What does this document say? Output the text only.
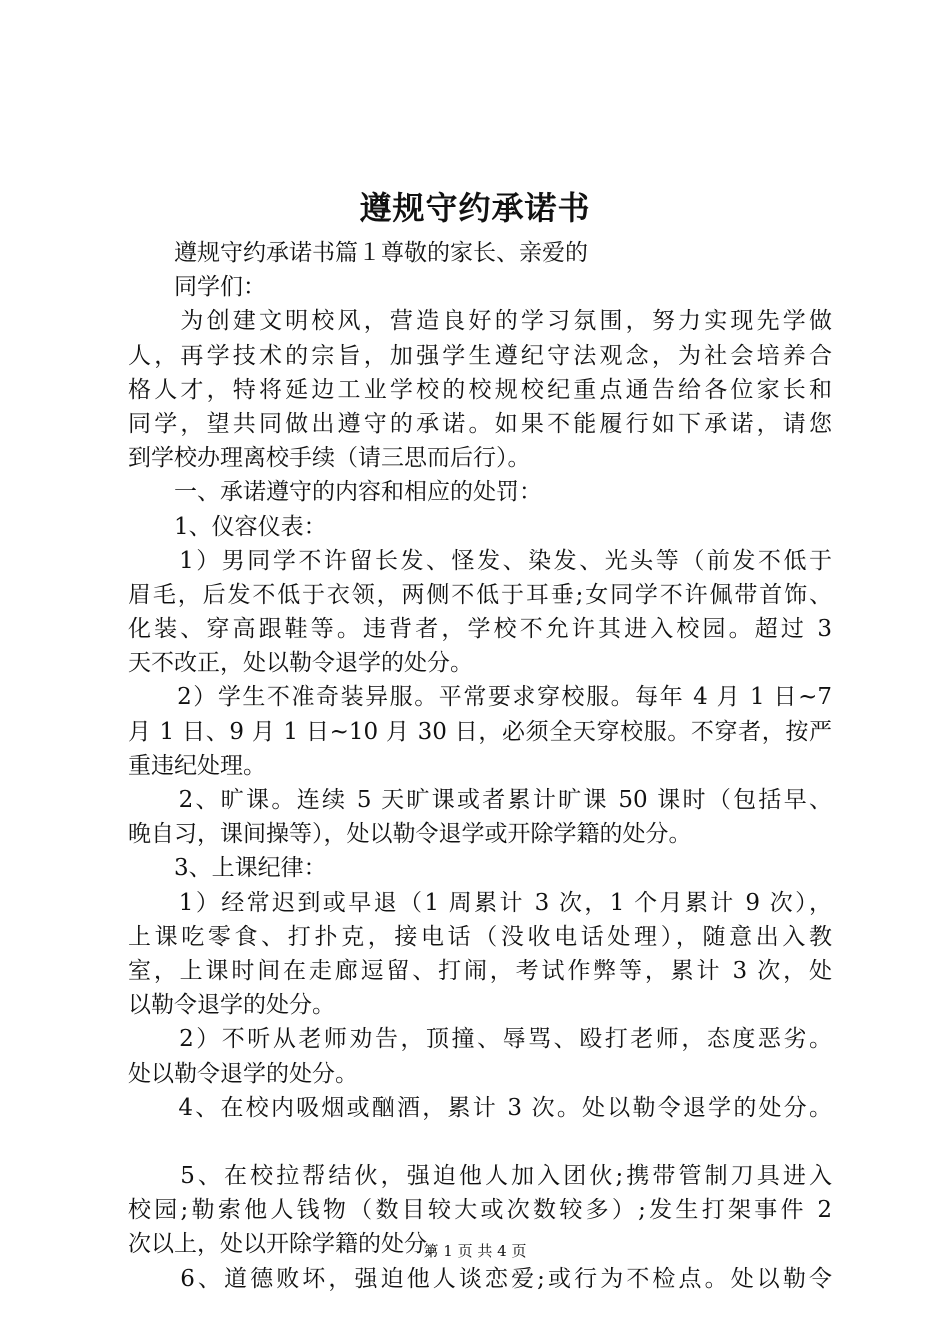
遵规守约承诺书
　　遵规守约承诺书篇１尊敬的家长、亲爱的
　　同学们：
　　为创建文明校风，营造良好的学习氛围，努力实现先学做
人，再学技术的宗旨，加强学生遵纪守法观念，为社会培养合
格人才，特将延边工业学校的校规校纪重点通告给各位家长和
同学，望共同做出遵守的承诺。如果不能履行如下承诺，请您
到学校办理离校手续（请三思而后行）。
　　一、承诺遵守的内容和相应的处罚：
　　1、仪容仪表：
　　1）男同学不许留长发、怪发、染发、光头等（前发不低于
眉毛，后发不低于衣领，两侧不低于耳垂;女同学不许佩带首饰、
化装、穿高跟鞋等。违背者，学校不允许其进入校园。超过 3
天不改正，处以勒令退学的处分。
　　2）学生不准奇装异服。平常要求穿校服。每年 4 月 1 日~7
月 1 日、9 月 1 日~10 月 30 日，必须全天穿校服。不穿者，按严
重违纪处理。
　　2、旷课。连续 5 天旷课或者累计旷课 50 课时（包括早、
晚自习，课间操等），处以勒令退学或开除学籍的处分。
　　3、上课纪律：
　　1）经常迟到或早退（1 周累计 3 次，1 个月累计 9 次），
上课吃零食、打扑克，接电话（没收电话处理），随意出入教
室，上课时间在走廊逗留、打闹，考试作弊等，累计 3 次，处
以勒令退学的处分。
　　2）不听从老师劝告，顶撞、辱骂、殴打老师，态度恶劣。
处以勒令退学的处分。
　　4、在校内吸烟或酗酒，累计 3 次。处以勒令退学的处分。
　　5、在校拉帮结伙，强迫他人加入团伙;携带管制刀具进入
校园;勒索他人钱物（数目较大或次数较多）;发生打架事件 2
次以上，处以开除学籍的处分。
　　6、道德败坏，强迫他人谈恋爱;或行为不检点。处以勒令
第 1 页 共 4 页
